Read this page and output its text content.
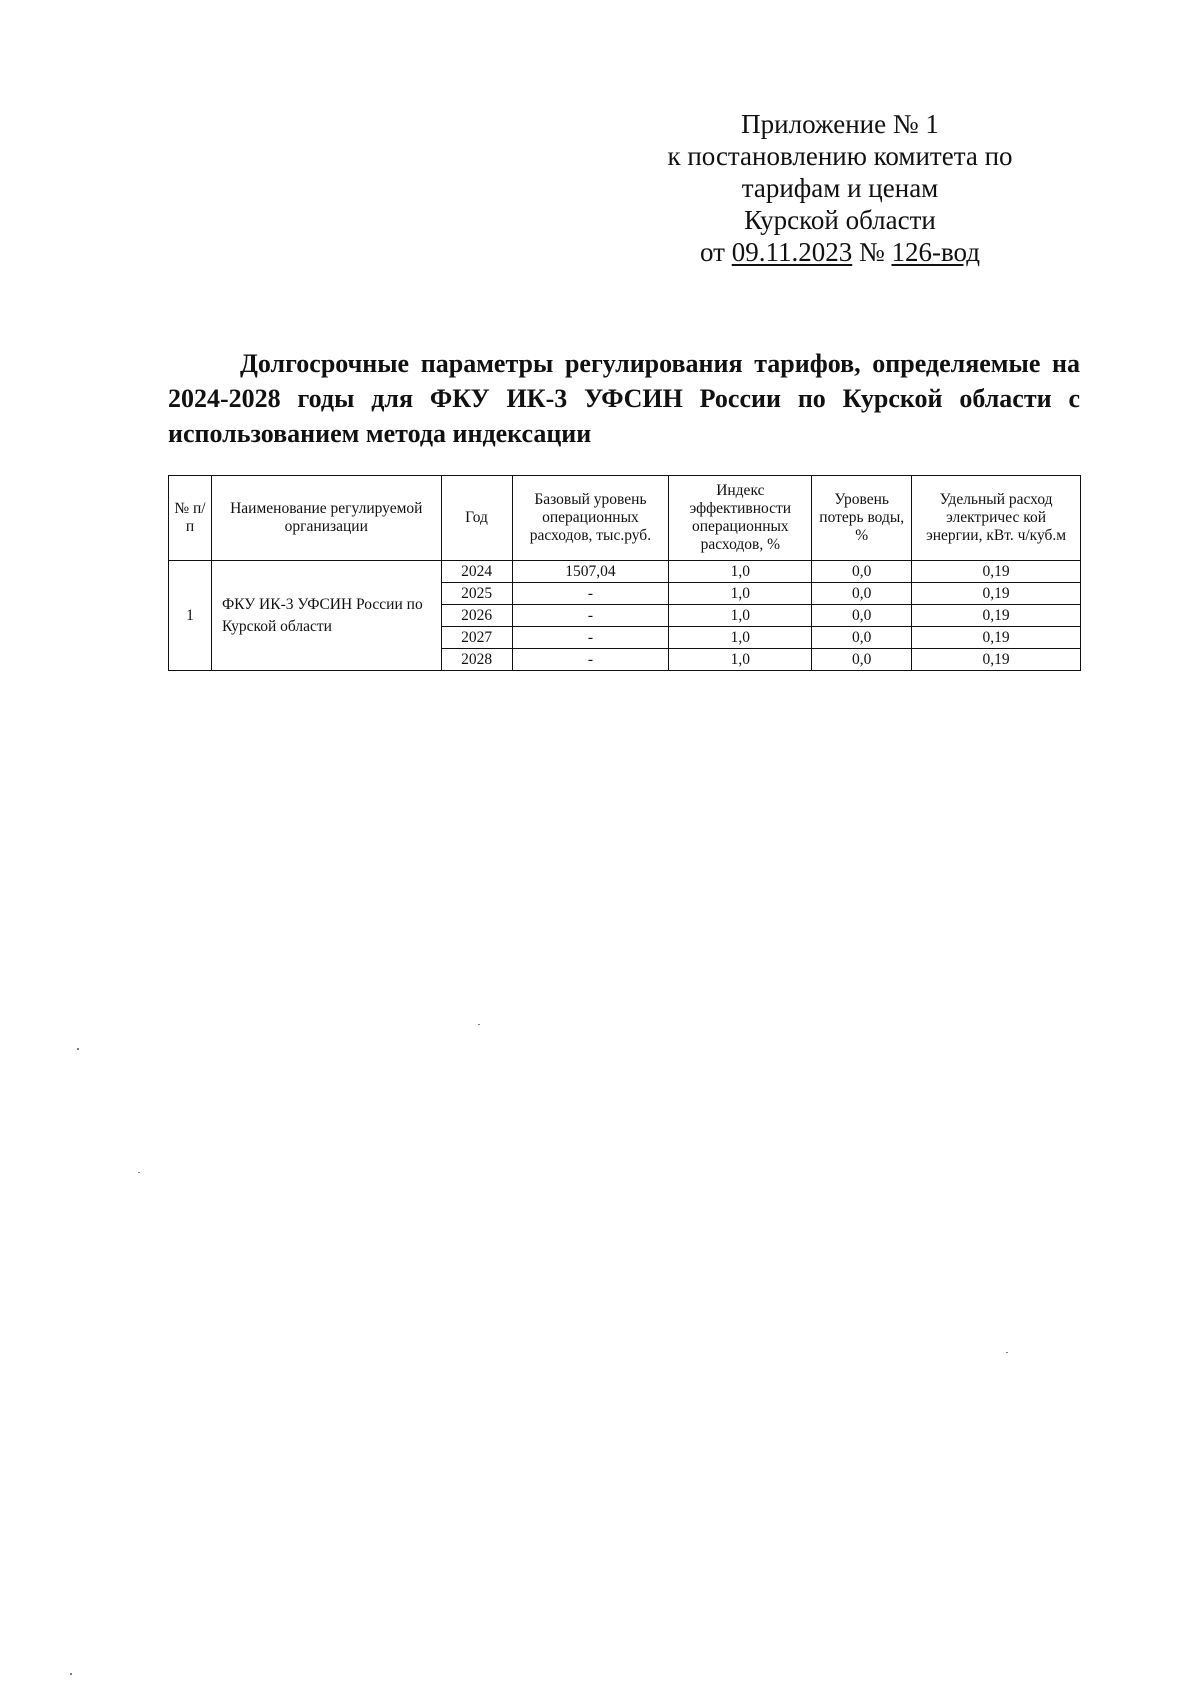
Приложение № 1
к постановлению комитета по
тарифам и ценам
Курской области
от 09.11.2023 № 126-вод
Долгосрочные параметры регулирования тарифов, определяемые на 2024-2028 годы для ФКУ ИК-3 УФСИН России по Курской области с использованием метода индексации
№ п/п	Наименование регулируемой организации	Год	Базовый уровень операционных расходов, тыс.руб.	Индекс эффективности операционных расходов, %	Уровень потерь воды, %	Удельный расход электричес кой энергии, кВт. ч/куб.м
1	ФКУ ИК-3 УФСИН России по Курской области	2024	1507,04	1,0	0,0	0,19
		2025	-	1,0	0,0	0,19
		2026	-	1,0	0,0	0,19
		2027	-	1,0	0,0	0,19
		2028	-	1,0	0,0	0,19
